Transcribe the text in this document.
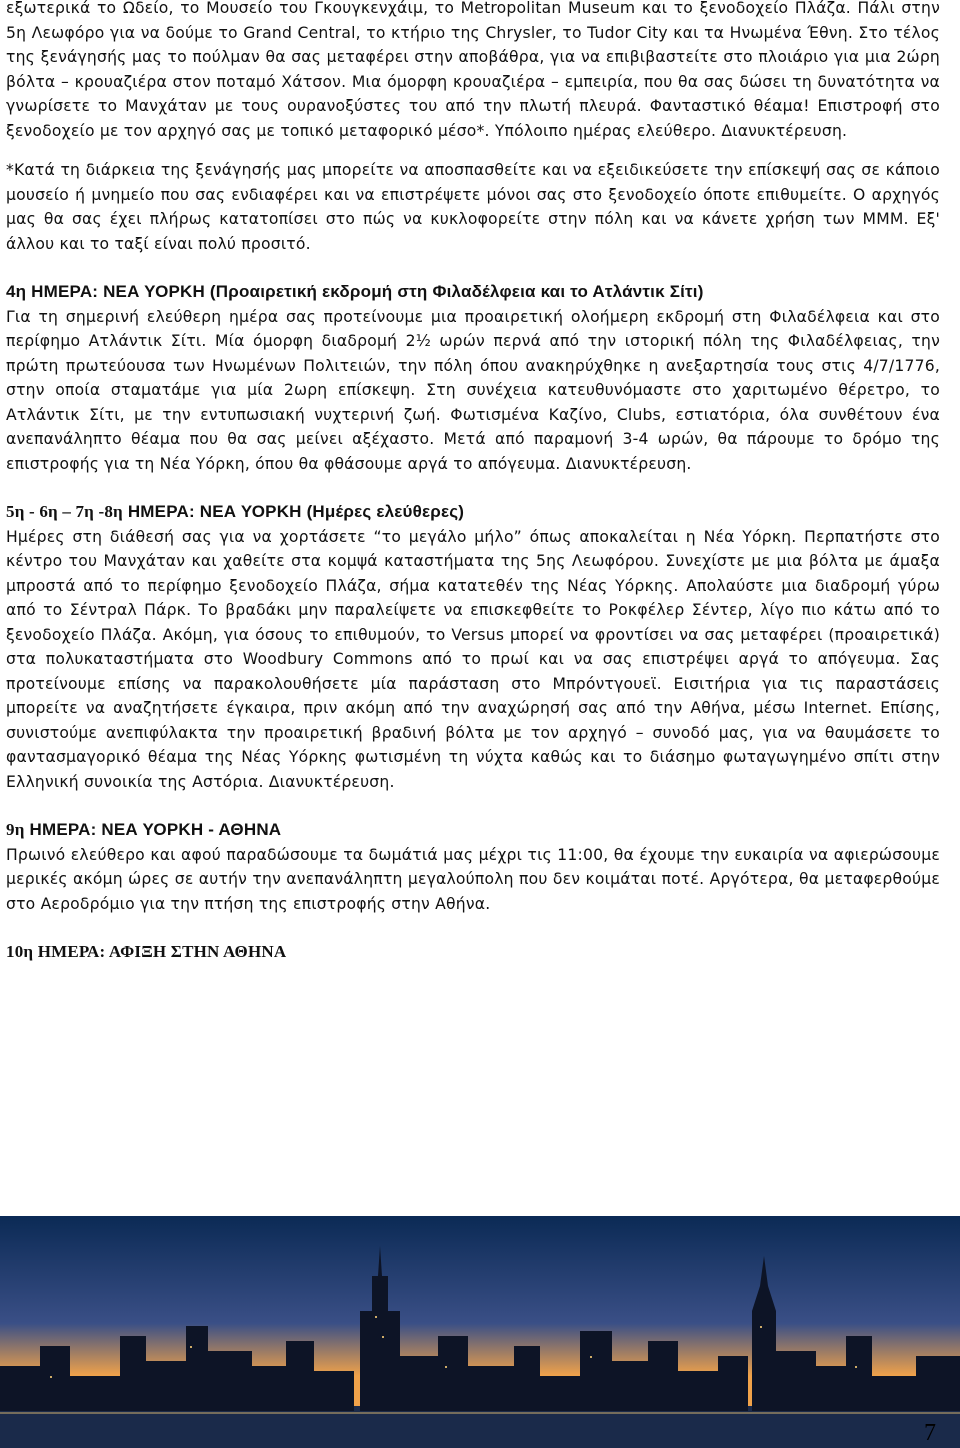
εξωτερικά το Ωδείο, το Μουσείο του Γκουγκενχάιμ, το Metropolitan Museum και το ξενοδοχείο Πλάζα. Πάλι στην 5η Λεωφόρο για να δούμε το Grand Central, το κτήριο της Chrysler, το Tudor City και τα Ηνωμένα Έθνη. Στο τέλος της ξενάγησής μας το πούλμαν θα σας μεταφέρει στην αποβάθρα, για να επιβιβαστείτε στο πλοιάριο για μια 2ώρη βόλτα – κρουαζιέρα στον ποταμό Χάτσον. Μια όμορφη κρουαζιέρα – εμπειρία, που θα σας δώσει τη δυνατότητα να γνωρίσετε το Μανχάταν με τους ουρανοξύστες του από την πλωτή πλευρά. Φανταστικό θέαμα! Επιστροφή στο ξενοδοχείο με τον αρχηγό σας με τοπικό μεταφορικό μέσο*. Υπόλοιπο ημέρας ελεύθερο. Διανυκτέρευση.

*Κατά τη διάρκεια της ξενάγησής μας μπορείτε να αποσπασθείτε και να εξειδικεύσετε την επίσκεψή σας σε κάποιο μουσείο ή μνημείο που σας ενδιαφέρει και να επιστρέψετε μόνοι σας στο ξενοδοχείο όποτε επιθυμείτε. Ο αρχηγός μας θα σας έχει πλήρως κατατοπίσει στο πώς να κυκλοφορείτε στην πόλη και να κάνετε χρήση των ΜΜΜ. Εξ' άλλου και το ταξί είναι πολύ προσιτό.

4η ΗΜΕΡΑ: ΝΕΑ ΥΟΡΚΗ (Προαιρετική εκδρομή στη Φιλαδέλφεια και το Ατλάντικ Σίτι)

Για τη σημερινή ελεύθερη ημέρα σας προτείνουμε μια προαιρετική ολοήμερη εκδρομή στη Φιλαδέλφεια και στο περίφημο Ατλάντικ Σίτι. Μία όμορφη διαδρομή 2½ ωρών περνά από την ιστορική πόλη της Φιλαδέλφειας, την πρώτη πρωτεύουσα των Ηνωμένων Πολιτειών, την πόλη όπου ανακηρύχθηκε η ανεξαρτησία τους στις 4/7/1776, στην οποία σταματάμε για μία 2ωρη επίσκεψη. Στη συνέχεια κατευθυνόμαστε στο χαριτωμένο θέρετρο, το Ατλάντικ Σίτι, με την εντυπωσιακή νυχτερινή ζωή. Φωτισμένα Καζίνο, Clubs, εστιατόρια, όλα συνθέτουν ένα ανεπανάληπτο θέαμα που θα σας μείνει αξέχαστο. Μετά από παραμονή 3-4 ωρών, θα πάρουμε το δρόμο της επιστροφής για τη Νέα Υόρκη, όπου θα φθάσουμε αργά το απόγευμα. Διανυκτέρευση.

5η - 6η – 7η -8η ΗΜΕΡΑ: ΝΕΑ ΥΟΡΚΗ (Ημέρες ελεύθερες)

Ημέρες στη διάθεσή σας για να χορτάσετε “το μεγάλο μήλο” όπως αποκαλείται η Νέα Υόρκη. Περπατήστε στο κέντρο του Μανχάταν και χαθείτε στα κομψά καταστήματα της 5ης Λεωφόρου. Συνεχίστε με μια βόλτα με άμαξα μπροστά από το περίφημο ξενοδοχείο Πλάζα, σήμα κατατεθέν της Νέας Υόρκης. Απολαύστε μια διαδρομή γύρω από το Σέντραλ Πάρκ. Το βραδάκι μην παραλείψετε να επισκεφθείτε το Ροκφέλερ Σέντερ, λίγο πιο κάτω από το ξενοδοχείο Πλάζα. Ακόμη, για όσους το επιθυμούν, το Versus μπορεί να φροντίσει να σας μεταφέρει (προαιρετικά) στα πολυκαταστήματα στο Woodbury Commons από το πρωί και να σας επιστρέψει αργά το απόγευμα. Σας προτείνουμε επίσης να παρακολουθήσετε μία παράσταση στο Μπρόντγουεϊ. Εισιτήρια για τις παραστάσεις μπορείτε να αναζητήσετε έγκαιρα, πριν ακόμη από την αναχώρησή σας από την Αθήνα, μέσω Internet. Επίσης, συνιστούμε ανεπιφύλακτα την προαιρετική βραδινή βόλτα με τον αρχηγό – συνοδό μας, για να θαυμάσετε το φαντασμαγορικό θέαμα της Νέας Υόρκης φωτισμένη τη νύχτα καθώς και το διάσημο φωταγωγημένο σπίτι στην Ελληνική συνοικία της Αστόρια. Διανυκτέρευση.

9η ΗΜΕΡΑ: ΝΕΑ ΥΟΡΚΗ - ΑΘΗΝΑ

Πρωινό ελεύθερο και αφού παραδώσουμε τα δωμάτιά μας μέχρι τις 11:00, θα έχουμε την ευκαιρία να αφιερώσουμε μερικές ακόμη ώρες σε αυτήν την ανεπανάληπτη μεγαλούπολη που δεν κοιμάται ποτέ. Αργότερα, θα μεταφερθούμε στο Αεροδρόμιο για την πτήση της επιστροφής στην Αθήνα.

10η ΗΜΕΡΑ: ΑΦΙΞΗ ΣΤΗΝ ΑΘΗΝΑ

7
